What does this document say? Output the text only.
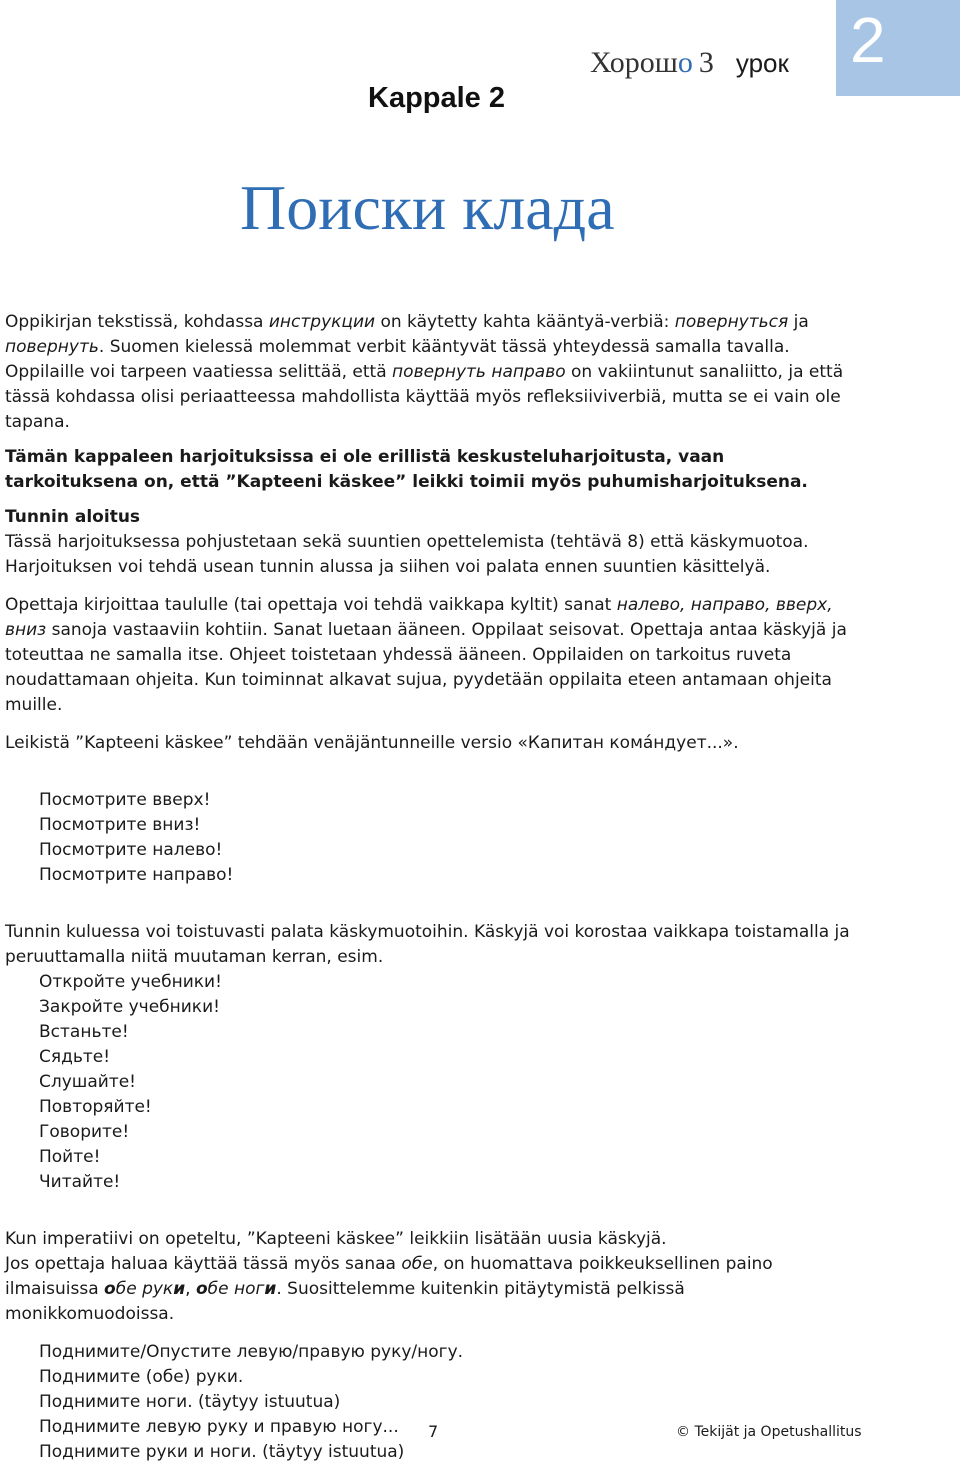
2
Хорошо 3 урок
Kappale 2
Поиски клада

Oppikirjan tekstissä, kohdassa инструкции on käytetty kahta kääntyä-verbiä: повернуться ja повернуть. Suomen kielessä molemmat verbit kääntyvät tässä yhteydessä samalla tavalla. Oppilaille voi tarpeen vaatiessa selittää, että повернуть направо on vakiintunut sanaliitto, ja että tässä kohdassa olisi periaatteessa mahdollista käyttää myös refleksiiviverbiä, mutta se ei vain ole tapana.

Tämän kappaleen harjoituksissa ei ole erillistä keskusteluharjoitusta, vaan tarkoituksena on, että ”Kapteeni käskee” leikki toimii myös puhumisharjoituksena.

Tunnin aloitus

Tässä harjoituksessa pohjustetaan sekä suuntien opettelemista (tehtävä 8) että käskymuotoa. Harjoituksen voi tehdä usean tunnin alussa ja siihen voi palata ennen suuntien käsittelyä.

Opettaja kirjoittaa taululle (tai opettaja voi tehdä vaikkapa kyltit) sanat налево, направо, вверх, вниз sanoja vastaaviin kohtiin. Sanat luetaan ääneen. Oppilaat seisovat. Opettaja antaa käskyjä ja toteuttaa ne samalla itse. Ohjeet toistetaan yhdessä ääneen. Oppilaiden on tarkoitus ruveta noudattamaan ohjeita. Kun toiminnat alkavat sujua, pyydetään oppilaita eteen antamaan ohjeita muille.

Leikistä ”Kapteeni käskee” tehdään venäjäntunneille versio «Капитан комáндует...».

Посмотрите вверх!
Посмотрите вниз!
Посмотрите налево!
Посмотрите направо!

Tunnin kuluessa voi toistuvasti palata käskymuotoihin. Käskyjä voi korostaa vaikkapa toistamalla ja peruuttamalla niitä muutaman kerran, esim.

Откройте учебники!
Закройте учебники!
Встаньте!
Сядьте!
Слушайте!
Повторяйте!
Говорите!
Пойте!
Читайте!

Kun imperatiivi on opeteltu, ”Kapteeni käskee” leikkiin lisätään uusia käskyjä.

Jos opettaja haluaa käyttää tässä myös sanaa обе, on huomattava poikkeuksellinen paino ilmaisuissa обе руки, обе ноги. Suosittelemme kuitenkin pitäytymistä pelkissä monikkomuodoissa.

Поднимите/Опустите левую/правую руку/ногу.
Поднимите (обе) руки.
Поднимите ноги. (täytyy istuutua)
Поднимите левую руку и правую ногу...
Поднимите руки и ноги. (täytyy istuutua)
7	© Tekijät ja Opetushallitus
